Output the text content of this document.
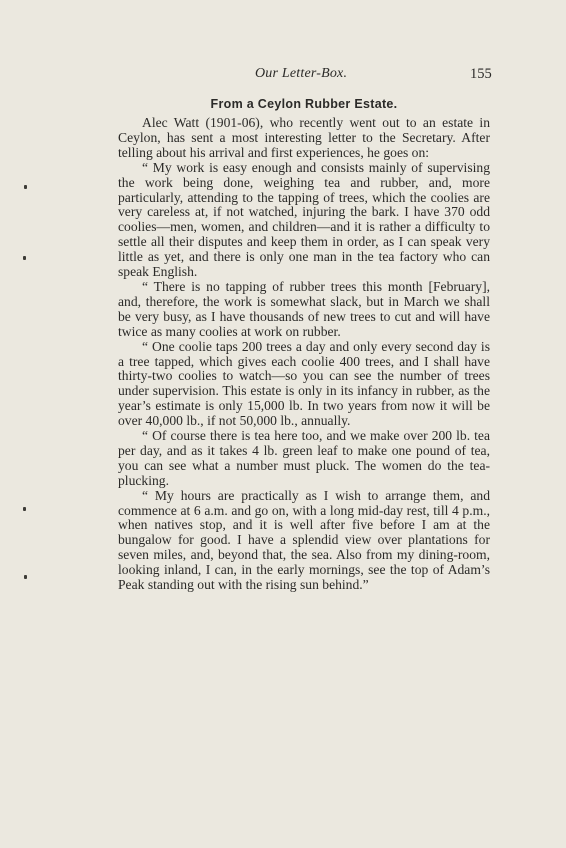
Our Letter-Box.	155
From a Ceylon Rubber Estate.

Alec Watt (1901-06), who recently went out to an estate in Ceylon, has sent a most interesting letter to the Secretary. After telling about his arrival and first experiences, he goes on:

“ My work is easy enough and consists mainly of supervising the work being done, weighing tea and rubber, and, more particularly, attending to the tapping of trees, which the coolies are very careless at, if not watched, injuring the bark. I have 370 odd coolies—men, women, and children—and it is rather a difficulty to settle all their disputes and keep them in order, as I can speak very little as yet, and there is only one man in the tea factory who can speak English.

“ There is no tapping of rubber trees this month [February], and, therefore, the work is somewhat slack, but in March we shall be very busy, as I have thousands of new trees to cut and will have twice as many coolies at work on rubber.

“ One coolie taps 200 trees a day and only every second day is a tree tapped, which gives each coolie 400 trees, and I shall have thirty-two coolies to watch—so you can see the number of trees under supervision. This estate is only in its infancy in rubber, as the year’s estimate is only 15,000 lb. In two years from now it will be over 40,000 lb., if not 50,000 lb., annually.

“ Of course there is tea here too, and we make over 200 lb. tea per day, and as it takes 4 lb. green leaf to make one pound of tea, you can see what a number must pluck. The women do the tea-plucking.

“ My hours are practically as I wish to arrange them, and commence at 6 a.m. and go on, with a long mid-day rest, till 4 p.m., when natives stop, and it is well after five before I am at the bungalow for good. I have a splendid view over plantations for seven miles, and, beyond that, the sea. Also from my dining-room, looking inland, I can, in the early mornings, see the top of Adam’s Peak standing out with the rising sun behind.”
